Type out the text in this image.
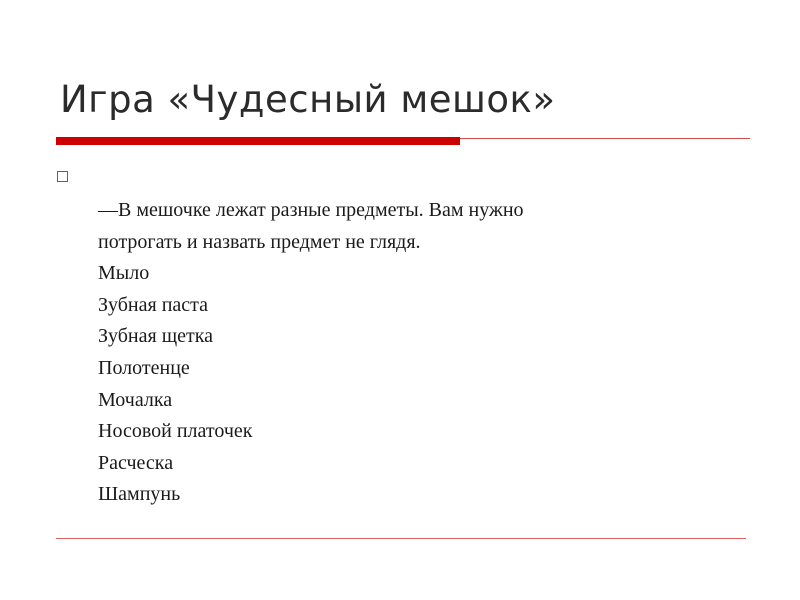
Игра «Чудесный мешок»
—В мешочке лежат разные предметы. Вам нужно
потрогать и назвать предмет не глядя.
Мыло
Зубная паста
Зубная щетка
Полотенце
Мочалка
Носовой платочек
Расческа
Шампунь
